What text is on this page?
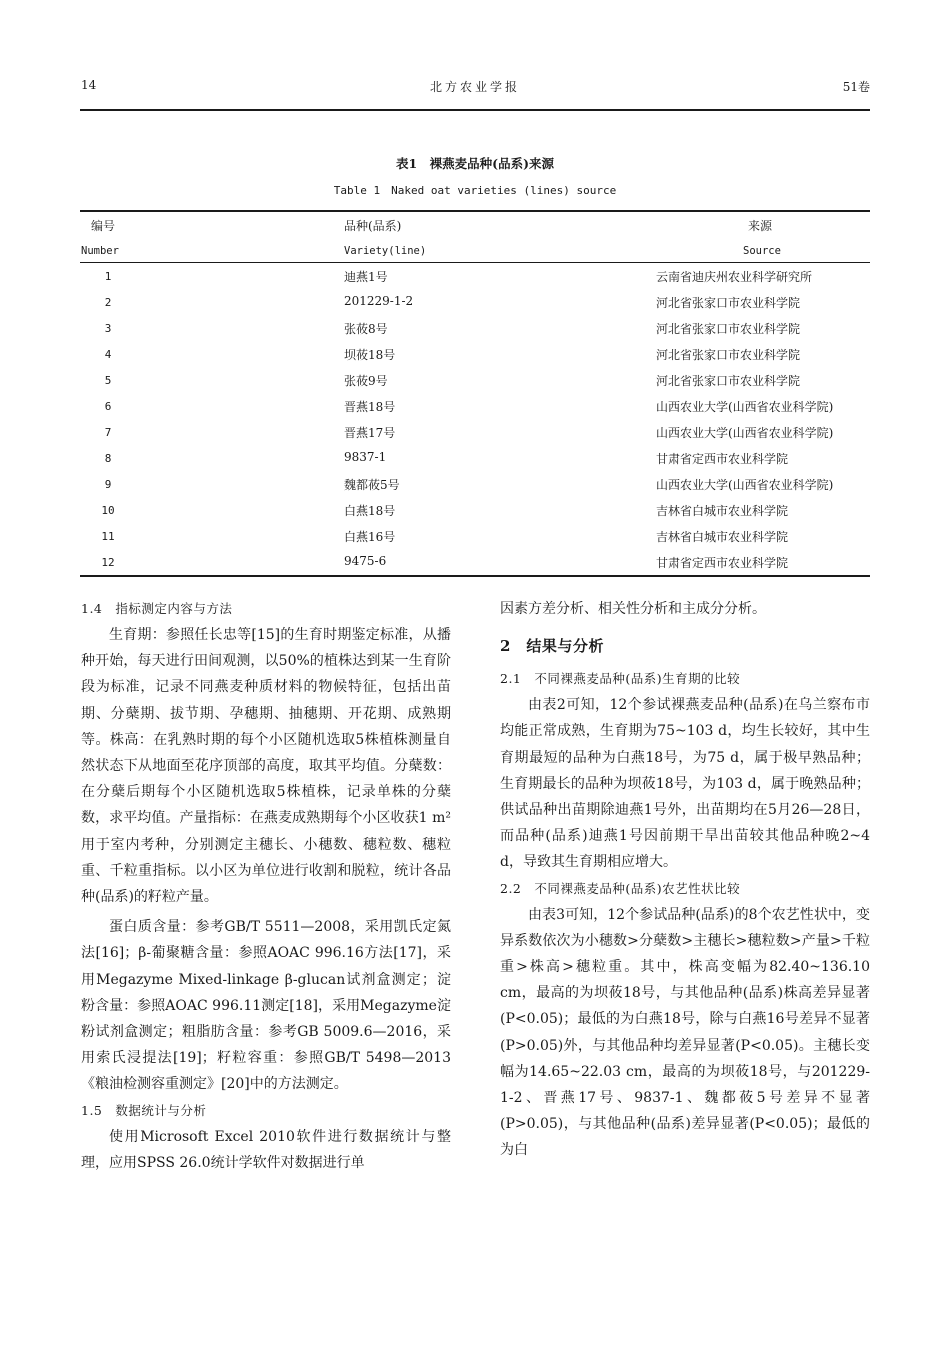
14	北方农业学报	51卷
表1　裸燕麦品种(品系)来源
Table 1　Naked oat varieties (lines) source
编号	品种(品系)	来源
Number	Variety(line)	Source
1	迪燕1号	云南省迪庆州农业科学研究所
2	201229-1-2	河北省张家口市农业科学院
3	张莜8号	河北省张家口市农业科学院
4	坝莜18号	河北省张家口市农业科学院
5	张莜9号	河北省张家口市农业科学院
6	晋燕18号	山西农业大学(山西省农业科学院)
7	晋燕17号	山西农业大学(山西省农业科学院)
8	9837-1	甘肃省定西市农业科学院
9	魏都莜5号	山西农业大学(山西省农业科学院)
10	白燕18号	吉林省白城市农业科学院
11	白燕16号	吉林省白城市农业科学院
12	9475-6	甘肃省定西市农业科学院
1.4　指标测定内容与方法

生育期：参照任长忠等[15]的生育时期鉴定标准，从播种开始，每天进行田间观测，以50%的植株达到某一生育阶段为标准，记录不同燕麦种质材料的物候特征，包括出苗期、分蘖期、拔节期、孕穗期、抽穗期、开花期、成熟期等。株高：在乳熟时期的每个小区随机选取5株植株测量自然状态下从地面至花序顶部的高度，取其平均值。分蘖数：在分蘖后期每个小区随机选取5株植株，记录单株的分蘖数，求平均值。产量指标：在燕麦成熟期每个小区收获1 m²用于室内考种，分别测定主穗长、小穗数、穗粒数、穗粒重、千粒重指标。以小区为单位进行收割和脱粒，统计各品种(品系)的籽粒产量。

蛋白质含量：参考GB/T 5511—2008，采用凯氏定氮法[16]；β-葡聚糖含量：参照AOAC 996.16方法[17]，采用Megazyme Mixed-linkage β-glucan试剂盒测定；淀粉含量：参照AOAC 996.11测定[18]，采用Megazyme淀粉试剂盒测定；粗脂肪含量：参考GB 5009.6—2016，采用索氏浸提法[19]；籽粒容重：参照GB/T 5498—2013《粮油检测容重测定》[20]中的方法测定。

1.5　数据统计与分析

使用Microsoft Excel 2010软件进行数据统计与整理，应用SPSS 26.0统计学软件对数据进行单

因素方差分析、相关性分析和主成分分析。

2　结果与分析
2.1　不同裸燕麦品种(品系)生育期的比较

由表2可知，12个参试裸燕麦品种(品系)在乌兰察布市均能正常成熟，生育期为75~103 d，均生长较好，其中生育期最短的品种为白燕18号，为75 d，属于极早熟品种；生育期最长的品种为坝莜18号，为103 d，属于晚熟品种；供试品种出苗期除迪燕1号外，出苗期均在5月26—28日，而品种(品系)迪燕1号因前期干旱出苗较其他品种晚2~4 d，导致其生育期相应增大。

2.2　不同裸燕麦品种(品系)农艺性状比较

由表3可知，12个参试品种(品系)的8个农艺性状中，变异系数依次为小穗数>分蘖数>主穗长>穗粒数>产量>千粒重>株高>穗粒重。其中，株高变幅为82.40~136.10 cm，最高的为坝莜18号，与其他品种(品系)株高差异显著(P<0.05)；最低的为白燕18号，除与白燕16号差异不显著(P>0.05)外，与其他品种均差异显著(P<0.05)。主穗长变幅为14.65~22.03 cm，最高的为坝莜18号，与201229-1-2、晋燕17号、9837-1、魏都莜5号差异不显著(P>0.05)，与其他品种(品系)差异显著(P<0.05)；最低的为白
